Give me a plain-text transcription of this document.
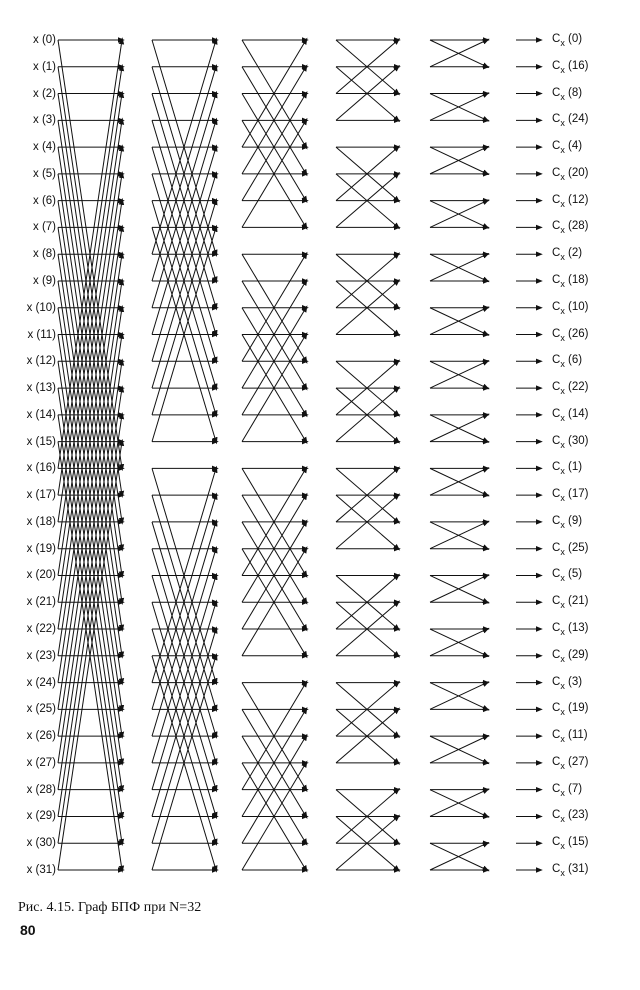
x (0)
x (1)
x (2)
x (3)
x (4)
x (5)
x (6)
x (7)
x (8)
x (9)
x (10)
x (11)
x (12)
x (13)
x (14)
x (15)
x (16)
x (17)
x (18)
x (19)
x (20)
x (21)
x (22)
x (23)
x (24)
x (25)
x (26)
x (27)
x (28)
x (29)
x (30)
x (31)
$C_x$ (0)
$C_x$ (16)
$C_x$ (8)
$C_x$ (24)
$C_x$ (4)
$C_x$ (20)
$C_x$ (12)
$C_x$ (28)
$C_x$ (2)
$C_x$ (18)
$C_x$ (10)
$C_x$ (26)
$C_x$ (6)
$C_x$ (22)
$C_x$ (14)
$C_x$ (30)
$C_x$ (1)
$C_x$ (17)
$C_x$ (9)
$C_x$ (25)
$C_x$ (5)
$C_x$ (21)
$C_x$ (13)
$C_x$ (29)
$C_x$ (3)
$C_x$ (19)
$C_x$ (11)
$C_x$ (27)
$C_x$ (7)
$C_x$ (23)
$C_x$ (15)
$C_x$ (31)
Рис. 4.15. Граф БПФ при N=32
80
